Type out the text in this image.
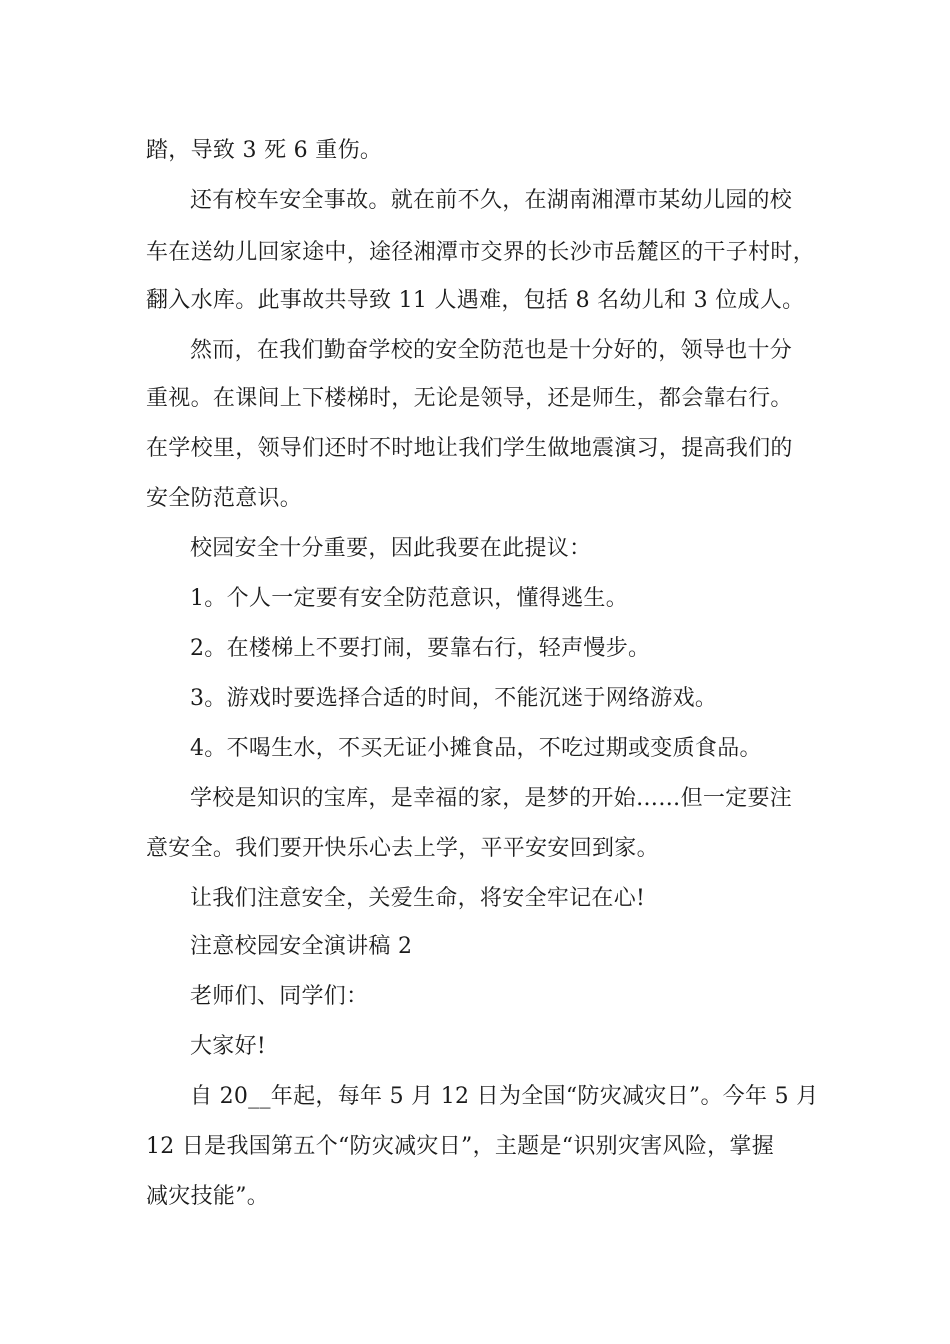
踏，导致 3 死 6 重伤。
还有校车安全事故。就在前不久，在湖南湘潭市某幼儿园的校
车在送幼儿回家途中，途径湘潭市交界的长沙市岳麓区的干子村时，
翻入水库。此事故共导致 11 人遇难，包括 8 名幼儿和 3 位成人。
然而，在我们勤奋学校的安全防范也是十分好的，领导也十分
重视。在课间上下楼梯时，无论是领导，还是师生，都会靠右行。
在学校里，领导们还时不时地让我们学生做地震演习，提高我们的
安全防范意识。
校园安全十分重要，因此我要在此提议：
1。个人一定要有安全防范意识，懂得逃生。
2。在楼梯上不要打闹，要靠右行，轻声慢步。
3。游戏时要选择合适的时间，不能沉迷于网络游戏。
4。不喝生水，不买无证小摊食品，不吃过期或变质食品。
学校是知识的宝库，是幸福的家，是梦的开始……但一定要注
意安全。我们要开快乐心去上学，平平安安回到家。
让我们注意安全，关爱生命，将安全牢记在心!
注意校园安全演讲稿 2
老师们、同学们：
大家好!
自 20__年起，每年 5 月 12 日为全国“防灾减灾日”。今年 5 月
12 日是我国第五个“防灾减灾日”，主题是“识别灾害风险，掌握
减灾技能”。
